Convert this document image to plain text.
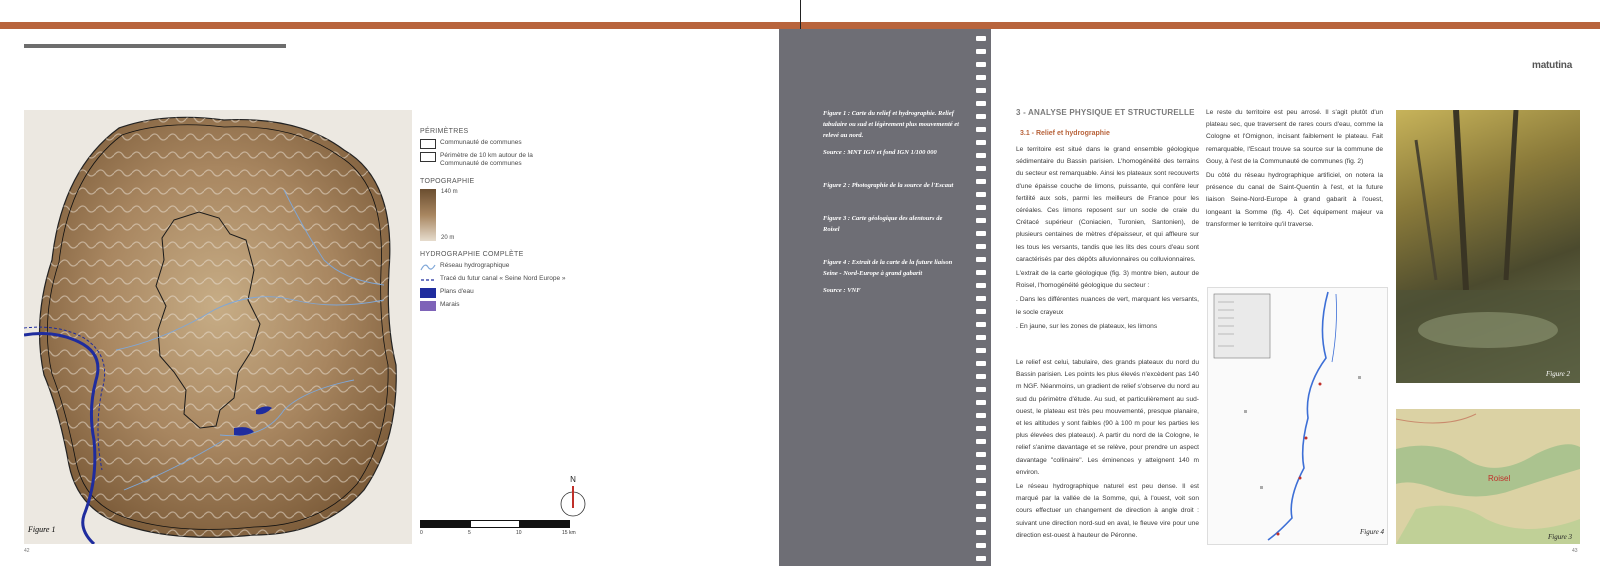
Figure 1
PÉRIMÈTRES
Communauté de communes
Périmètre de 10 km autour de la Communauté de communes
TOPOGRAPHIE
140 m
20 m
HYDROGRAPHIE COMPLÈTE
Réseau hydrographique
Tracé du futur canal « Seine Nord Europe »
Plans d'eau
Marais
N
0	5	10	15 km
42

Figure 1 : Carte du relief et hydrographie. Relief tabulaire ou sud et légèrement plus mouvementé et relevé au nord.

Source : MNT IGN et fond IGN 1/100 000

Figure 2 : Photographie de la source de l'Escaut

Figure 3 : Carte géologique des alentours de Roisel

Figure 4 : Extrait de la carte de la future liaison Seine - Nord-Europe à grand gabarit

Source : VNF

matutina
3 - ANALYSE PHYSIQUE ET STRUCTURELLE
3.1 - Relief et hydrographie

Le territoire est situé dans le grand ensemble géologique sédimentaire du Bassin parisien. L'homogénéité des terrains du secteur est remarquable. Ainsi les plateaux sont recouverts d'une épaisse couche de limons, puissante, qui confère leur fertilité aux sols, parmi les meilleurs de France pour les céréales. Ces limons reposent sur un socle de craie du Crétacé supérieur (Coniacien, Turonien, Santonien), de plusieurs centaines de mètres d'épaisseur, et qui affleure sur les tous les versants, tandis que les lits des cours d'eau sont caractérisés par des dépôts alluvionnaires ou colluvionnaires.

L'extrait de la carte géologique (fig. 3) montre bien, autour de Roisel, l'homogénéité géologique du secteur :

. Dans les différentes nuances de vert, marquant les versants, le socle crayeux

. En jaune, sur les zones de plateaux, les limons

Le relief est celui, tabulaire, des grands plateaux du nord du Bassin parisien. Les points les plus élevés n'excèdent pas 140 m NGF. Néanmoins, un gradient de relief s'observe du nord au sud du périmètre d'étude. Au sud, et particulièrement au sud-ouest, le plateau est très peu mouvementé, presque planaire, et les altitudes y sont faibles (90 à 100 m pour les parties les plus élevées des plateaux). A partir du nord de la Cologne, le relief s'anime davantage et se relève, pour prendre un aspect davantage "collinaire". Les éminences y atteignent 140 m environ.

Le réseau hydrographique naturel est peu dense. Il est marqué par la vallée de la Somme, qui, à l'ouest, voit son cours effectuer un changement de direction à angle droit : suivant une direction nord-sud en aval, le fleuve vire pour une direction est-ouest à hauteur de Péronne.

Le reste du territoire est peu arrosé. Il s'agit plutôt d'un plateau sec, que traversent de rares cours d'eau, comme la Cologne et l'Omignon, incisant faiblement le plateau. Fait remarquable, l'Escaut trouve sa source sur la commune de Gouy, à l'est de la Communauté de communes (fig. 2)

Du côté du réseau hydrographique artificiel, on notera la présence du canal de Saint-Quentin à l'est, et la future liaison Seine-Nord-Europe à grand gabarit à l'ouest, longeant la Somme (fig. 4). Cet équipement majeur va transformer le territoire qu'il traverse.

Figure 4
Figure 2
Roisel
Figure 3
43
